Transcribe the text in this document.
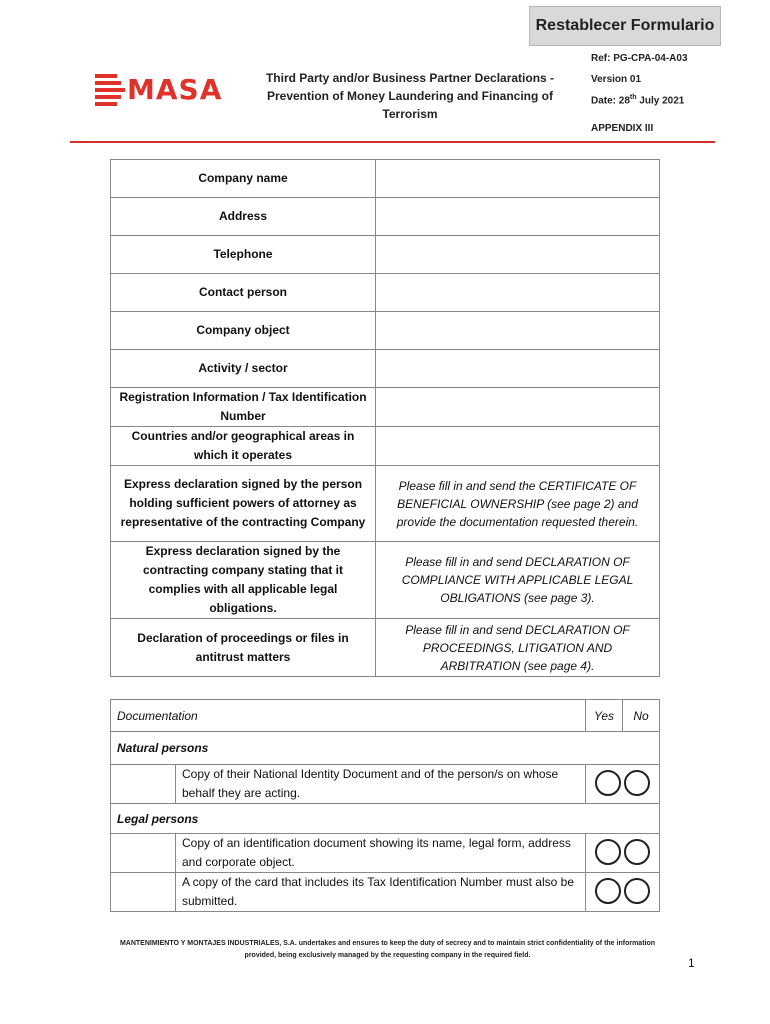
Restablecer Formulario
MASA	Third Party and/or Business Partner Declarations - Prevention of Money Laundering and Financing of Terrorism
Ref: PG-CPA-04-A03
Version 01
Date: 28th July 2021
APPENDIX III
Company name	
Address	
Telephone	
Contact person	
Company object	
Activity / sector	
Registration Information / Tax Identification Number	
Countries and/or geographical areas in which it operates	
Express declaration signed by the person holding sufficient powers of attorney as representative of the contracting Company	Please fill in and send the CERTIFICATE OF BENEFICIAL OWNERSHIP (see page 2) and provide the documentation requested therein.
Express declaration signed by the contracting company stating that it complies with all applicable legal obligations.	Please fill in and send DECLARATION OF COMPLIANCE WITH APPLICABLE LEGAL OBLIGATIONS (see page 3).
Declaration of proceedings or files in antitrust matters	Please fill in and send DECLARATION OF PROCEEDINGS, LITIGATION AND ARBITRATION (see page 4).
Documentation		Yes	No
Natural persons			
	Copy of their National Identity Document and of the person/s on whose behalf they are acting.		
Legal persons			
	Copy of an identification document showing its name, legal form, address and corporate object.		
	A copy of the card that includes its Tax Identification Number must also be submitted.		
MANTENIMIENTO Y MONTAJES INDUSTRIALES, S.A. undertakes and ensures to keep the duty of secrecy and to maintain strict confidentiality of the information provided, being exclusively managed by the requesting company in the required field.
1
